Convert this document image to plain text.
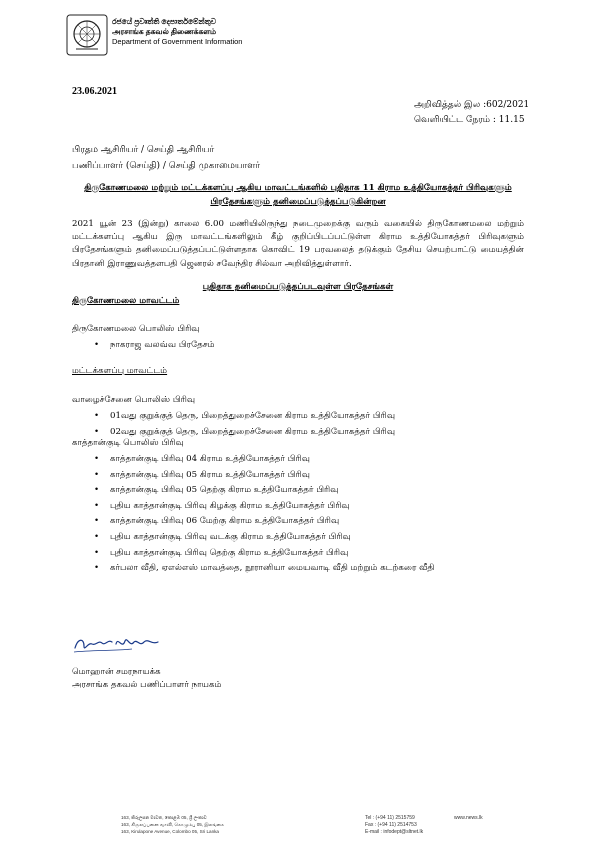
රජයේ ප්‍රවෘත්ති දෙපාර්තමේන්තුව
அரசாங்க தகவல் திணைக்களம்
Department of Government Information
23.06.2021
அறிவித்தல் இல :602/2021
வெளியிட்ட நேரம் : 11.15
பிரதம ஆசிரியர் / செய்தி ஆசிரியர்
பணிப்பாளர் (செய்தி) / செய்தி முகாமையாளர்
திருகோணமலை மற்றும் மட்டக்களப்பு ஆகிய மாவட்டங்களில் புதிதாக 11 கிராம உத்தியோகத்தர் பிரிவுகளும் பிரதேசங்களும் தனிமைப்படுத்தப்படுகின்றன
2021 யூன் 23 (இன்று) காலை 6.00 மணியிலிருந்து நடைமுறைக்கு வரும் வகையில் திருகோணமலை மற்றும் மட்டக்களப்பு ஆகிய இரு மாவட்டங்களிலும் கீழ் குறிப்பிடப்பட்டுள்ள கிராம உத்தியோகத்தர் பிரிவுகளும் பிரதேசங்களும் தனிமைப்படுத்தப்பட்டுள்ளதாக கொவிட் 19 பரவலைத் தடுக்கும் தேசிய செயற்பாட்டு மையத்தின் பிரதானி இராணுவத்தளபதி ஜெனரல் சவேந்திர சில்வா அறிவித்துள்ளார்.
புதிதாக தனிமைப்படுத்தப்படவுள்ள பிரதேசங்கள்
திருகோணமலை மாவட்டம்
திருகோணமலை பொலிஸ் பிரிவு
• நாகராஜ வலவ்வ பிரதேசம்
மட்டக்களப்பு மாவட்டம்
வாழைச்சேனை பொலிஸ் பிரிவு
• 01வது குறுக்குத் தெரு, பிறைத்துறைச்சேனை கிராம உத்தியோகத்தர் பிரிவு
• 02வது குறுக்குத் தெரு, பிறைத்துறைச்சேனை கிராம உத்தியோகத்தர் பிரிவு
காத்தான்குடி பொலிஸ் பிரிவு
• காத்தான்குடி பிரிவு 04 கிராம உத்தியோகத்தர் பிரிவு
• காத்தான்குடி பிரிவு 05 கிராம உத்தியோகத்தர் பிரிவு
• காத்தான்குடி பிரிவு 05 தெற்கு கிராம உத்தியோகத்தர் பிரிவு
• புதிய காத்தான்குடி பிரிவு கிழக்கு கிராம உத்தியோகத்தர் பிரிவு
• காத்தான்குடி பிரிவு 06 மேற்கு கிராம உத்தியோகத்தர் பிரிவு
• புதிய காத்தான்குடி பிரிவு வடக்கு கிராம உத்தியோகத்தர் பிரிவு
• புதிய காத்தான்குடி பிரிவு தெற்கு கிராம உத்தியோகத்தர் பிரிவு
• கர்பலா வீதி, ஏஎல்எஸ் மாவத்தை, நூரானியா மையவாடி வீதி மற்றும் கடற்கரை வீதி
மொஹான் சமரநாயக்க
அரசாங்க தகவல் பணிப்பாளர் நாயகம்
163, කිරුලපන මාවත, කොළඹ 05, ශ්‍රී ලංකාව
163, கிருலப்பனை வாவி, கொழும்பு 05, இலங்கை
163, Kirulapone Avenue, Colombo 05, Sri Lanka
Tel : (+94 11) 2515759
Fax : (+94 11) 2514753
E-mail : infodept@sltnet.lk
www.news.lk
